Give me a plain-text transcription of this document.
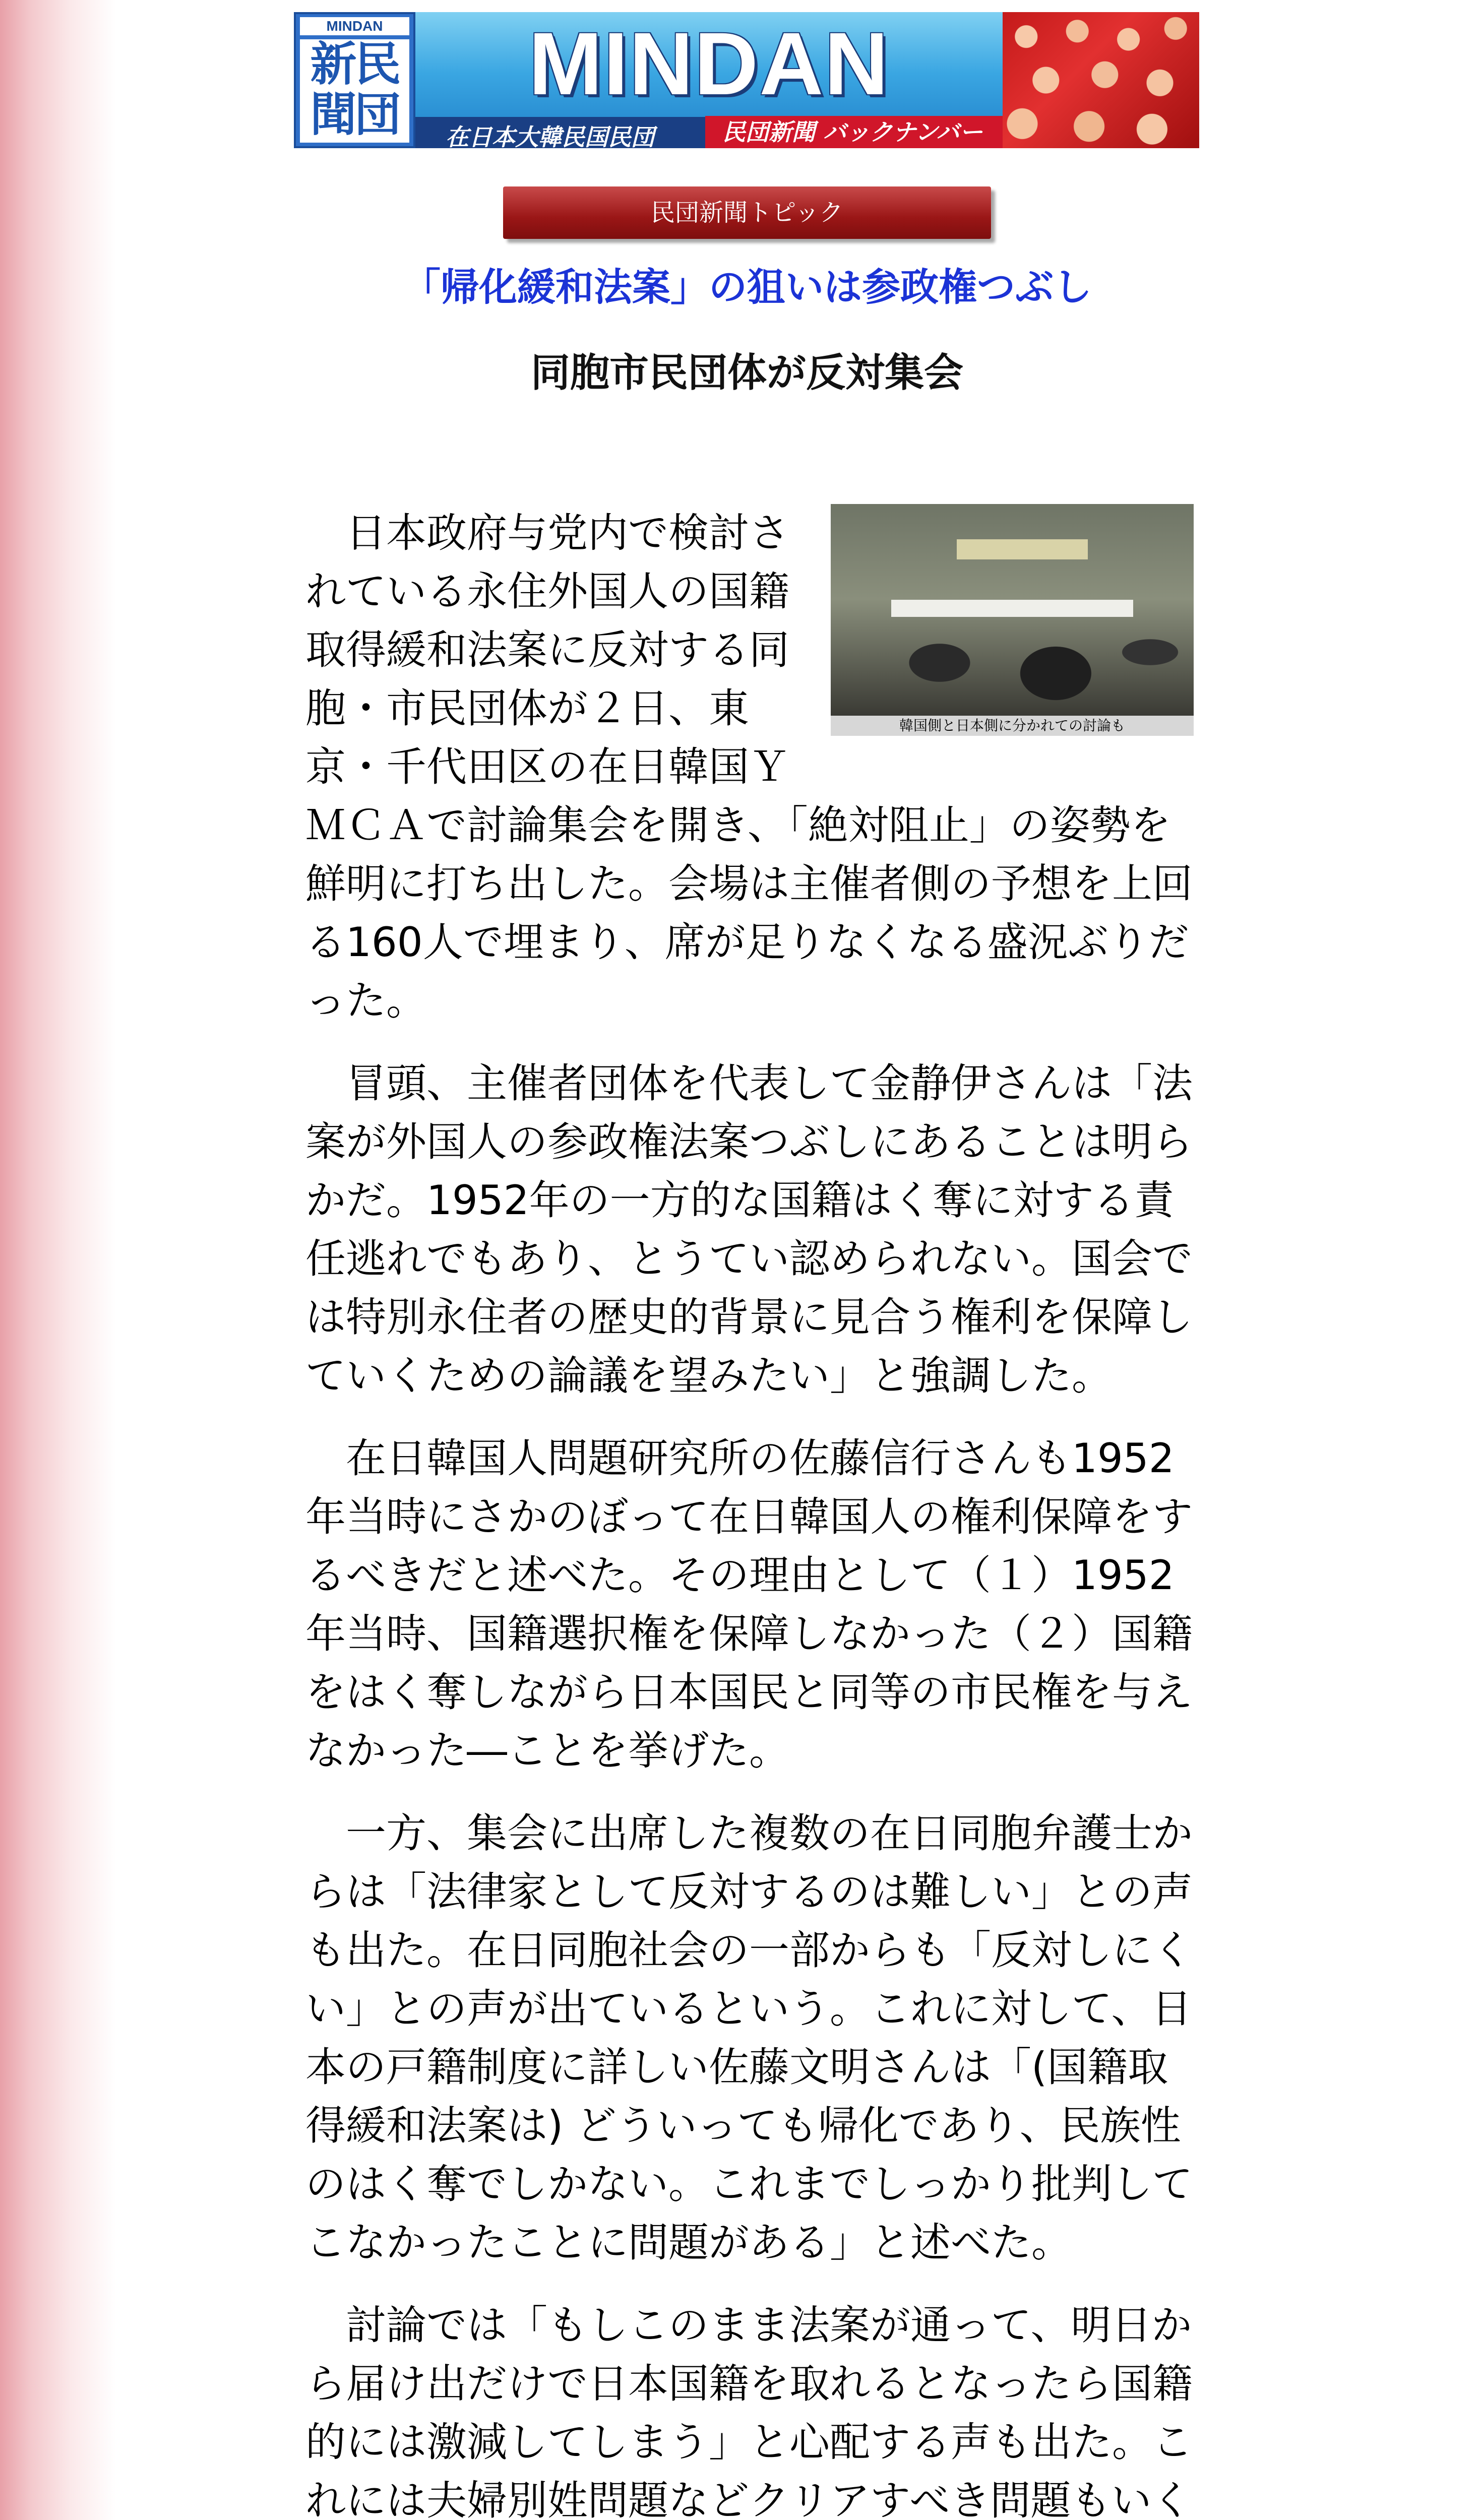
MINDAN
新民
聞団
MINDAN
在日本大韓民国民団	民団新聞 バックナンバー
民団新聞トピック
「帰化緩和法案」の狙いは参政権つぶし
同胞市民団体が反対集会
韓国側と日本側に分かれての討論も

日本政府与党内で検討されている永住外国人の国籍取得緩和法案に反対する同胞・市民団体が２日、東京・千代田区の在日韓国ＹＭＣＡで討論集会を開き、「絶対阻止」の姿勢を鮮明に打ち出した。会場は主催者側の予想を上回る160人で埋まり、席が足りなくなる盛況ぶりだった。

冒頭、主催者団体を代表して金静伊さんは「法案が外国人の参政権法案つぶしにあることは明らかだ。1952年の一方的な国籍はく奪に対する責任逃れでもあり、とうてい認められない。国会では特別永住者の歴史的背景に見合う権利を保障していくための論議を望みたい」と強調した。

在日韓国人問題研究所の佐藤信行さんも1952年当時にさかのぼって在日韓国人の権利保障をするべきだと述べた。その理由として（１）1952年当時、国籍選択権を保障しなかった（２）国籍をはく奪しながら日本国民と同等の市民権を与えなかった―ことを挙げた。

一方、集会に出席した複数の在日同胞弁護士からは「法律家として反対するのは難しい」との声も出た。在日同胞社会の一部からも「反対しにくい」との声が出ているという。これに対して、日本の戸籍制度に詳しい佐藤文明さんは「(国籍取得緩和法案は) どういっても帰化であり、民族性のはく奪でしかない。これまでしっかり批判してこなかったことに問題がある」と述べた。

討論では「もしこのまま法案が通って、明日から届け出だけで日本国籍を取れるとなったら国籍的には激減してしまう」と心配する声も出た。これには夫婦別姓問題などクリアすべき問題もいく
